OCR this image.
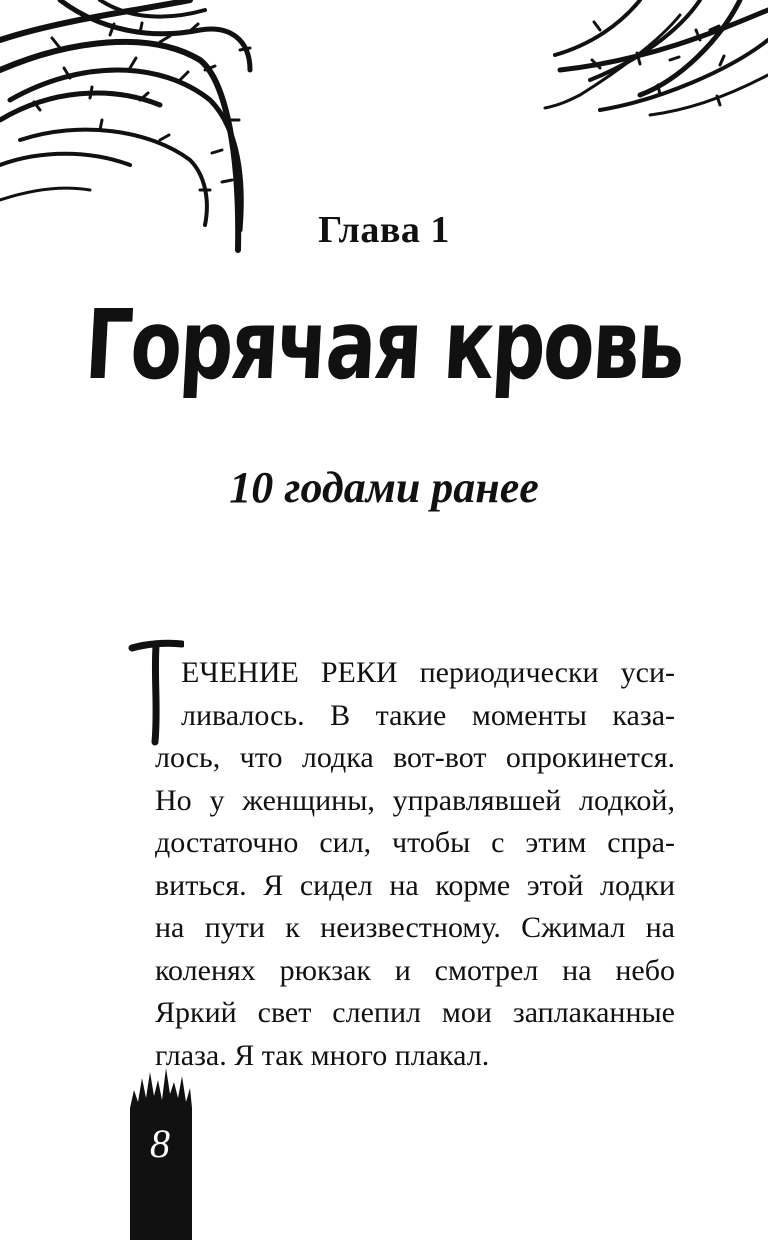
Глава 1
Горячая кровь
10 годами ранее
ЕЧЕНИЕ РЕКИ периодически уси-
ливалось. В такие моменты каза-
лось, что лодка вот-вот опрокинется.
Но у женщины, управлявшей лодкой,
достаточно сил, чтобы с этим спра-
виться. Я сидел на корме этой лодки
на пути к неизвестному. Сжимал на
коленях рюкзак и смотрел на небо
Яркий свет слепил мои заплаканные
глаза. Я так много плакал.
8
